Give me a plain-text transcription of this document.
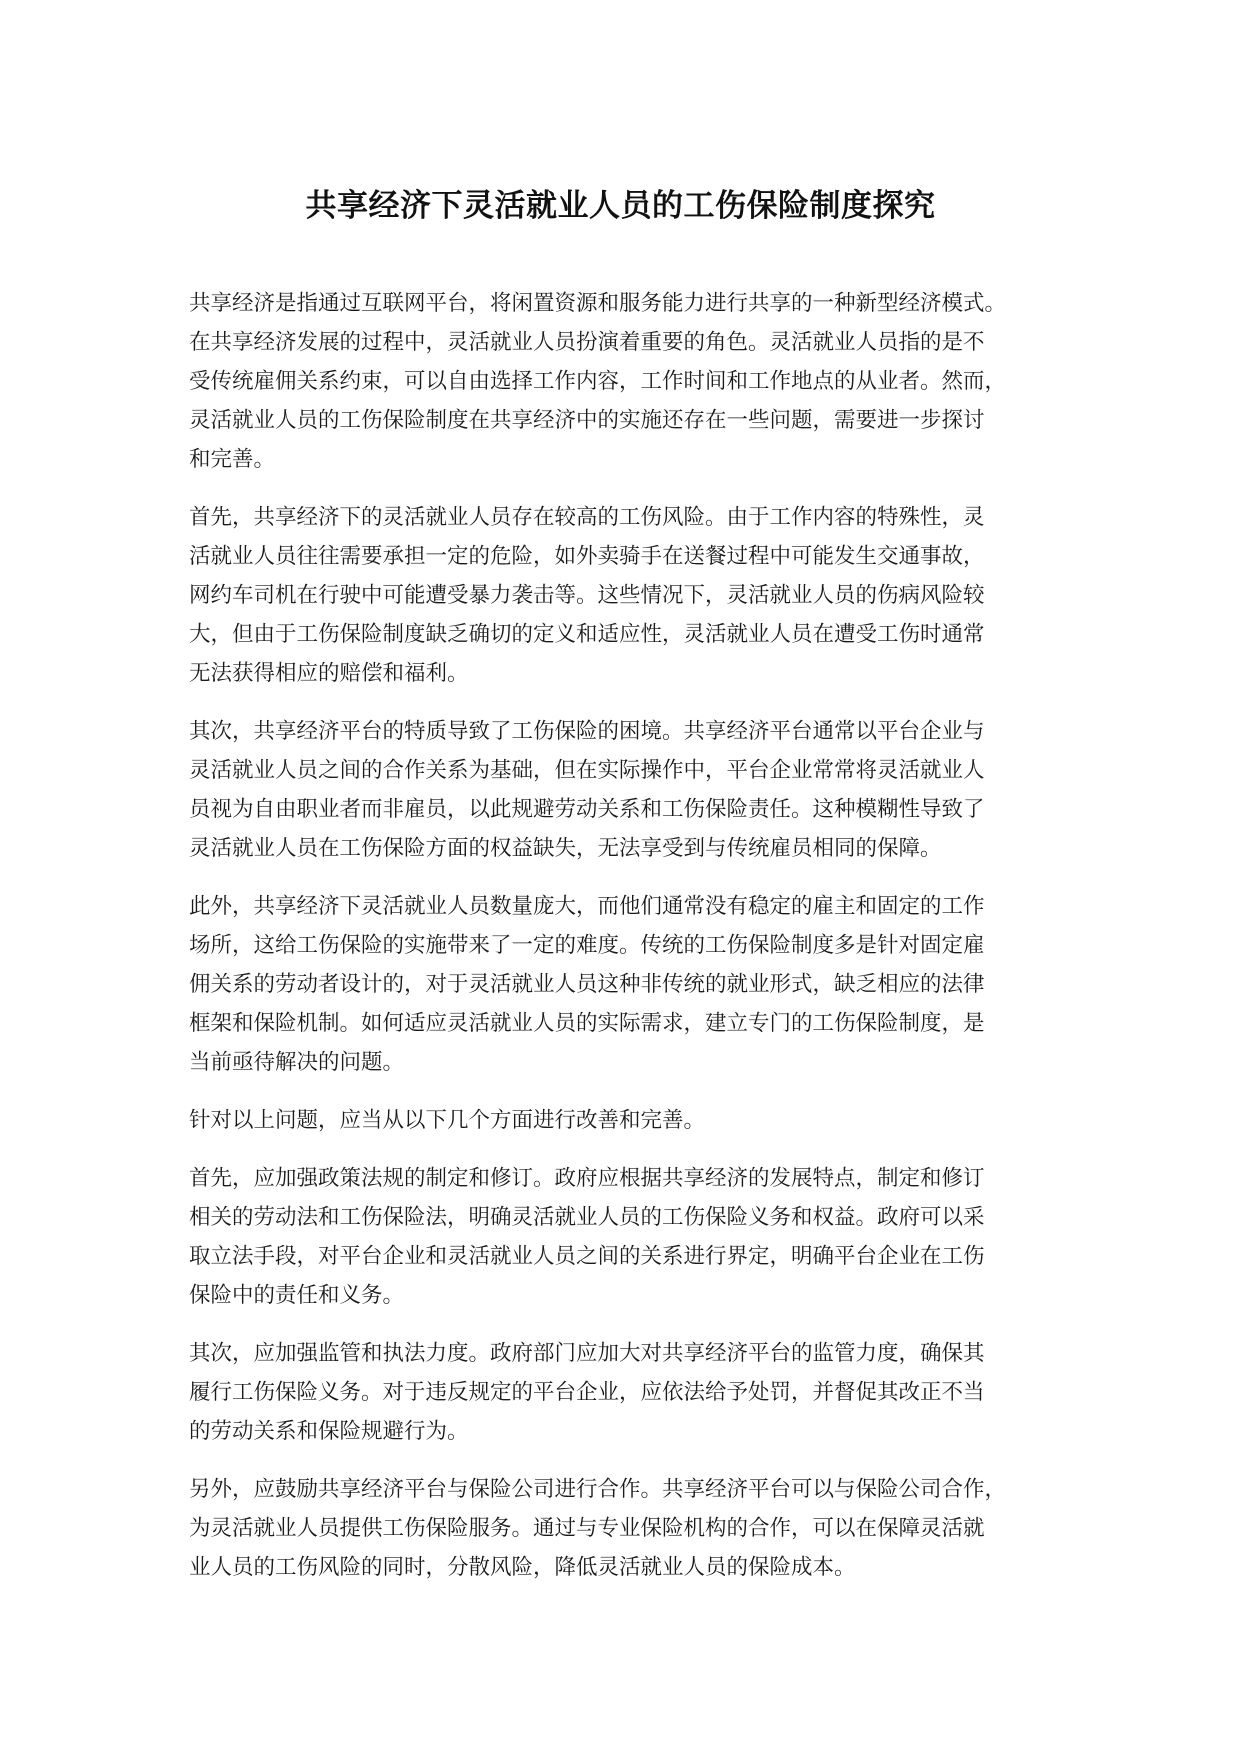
共享经济下灵活就业人员的工伤保险制度探究

共享经济是指通过互联网平台，将闲置资源和服务能力进行共享的一种新型经济模式。
在共享经济发展的过程中，灵活就业人员扮演着重要的角色。灵活就业人员指的是不
受传统雇佣关系约束，可以自由选择工作内容，工作时间和工作地点的从业者。然而，
灵活就业人员的工伤保险制度在共享经济中的实施还存在一些问题，需要进一步探讨
和完善。

首先，共享经济下的灵活就业人员存在较高的工伤风险。由于工作内容的特殊性，灵
活就业人员往往需要承担一定的危险，如外卖骑手在送餐过程中可能发生交通事故，
网约车司机在行驶中可能遭受暴力袭击等。这些情况下，灵活就业人员的伤病风险较
大，但由于工伤保险制度缺乏确切的定义和适应性，灵活就业人员在遭受工伤时通常
无法获得相应的赔偿和福利。

其次，共享经济平台的特质导致了工伤保险的困境。共享经济平台通常以平台企业与
灵活就业人员之间的合作关系为基础，但在实际操作中，平台企业常常将灵活就业人
员视为自由职业者而非雇员，以此规避劳动关系和工伤保险责任。这种模糊性导致了
灵活就业人员在工伤保险方面的权益缺失，无法享受到与传统雇员相同的保障。

此外，共享经济下灵活就业人员数量庞大，而他们通常没有稳定的雇主和固定的工作
场所，这给工伤保险的实施带来了一定的难度。传统的工伤保险制度多是针对固定雇
佣关系的劳动者设计的，对于灵活就业人员这种非传统的就业形式，缺乏相应的法律
框架和保险机制。如何适应灵活就业人员的实际需求，建立专门的工伤保险制度，是
当前亟待解决的问题。

针对以上问题，应当从以下几个方面进行改善和完善。

首先，应加强政策法规的制定和修订。政府应根据共享经济的发展特点，制定和修订
相关的劳动法和工伤保险法，明确灵活就业人员的工伤保险义务和权益。政府可以采
取立法手段，对平台企业和灵活就业人员之间的关系进行界定，明确平台企业在工伤
保险中的责任和义务。

其次，应加强监管和执法力度。政府部门应加大对共享经济平台的监管力度，确保其
履行工伤保险义务。对于违反规定的平台企业，应依法给予处罚，并督促其改正不当
的劳动关系和保险规避行为。

另外，应鼓励共享经济平台与保险公司进行合作。共享经济平台可以与保险公司合作，
为灵活就业人员提供工伤保险服务。通过与专业保险机构的合作，可以在保障灵活就
业人员的工伤风险的同时，分散风险，降低灵活就业人员的保险成本。
